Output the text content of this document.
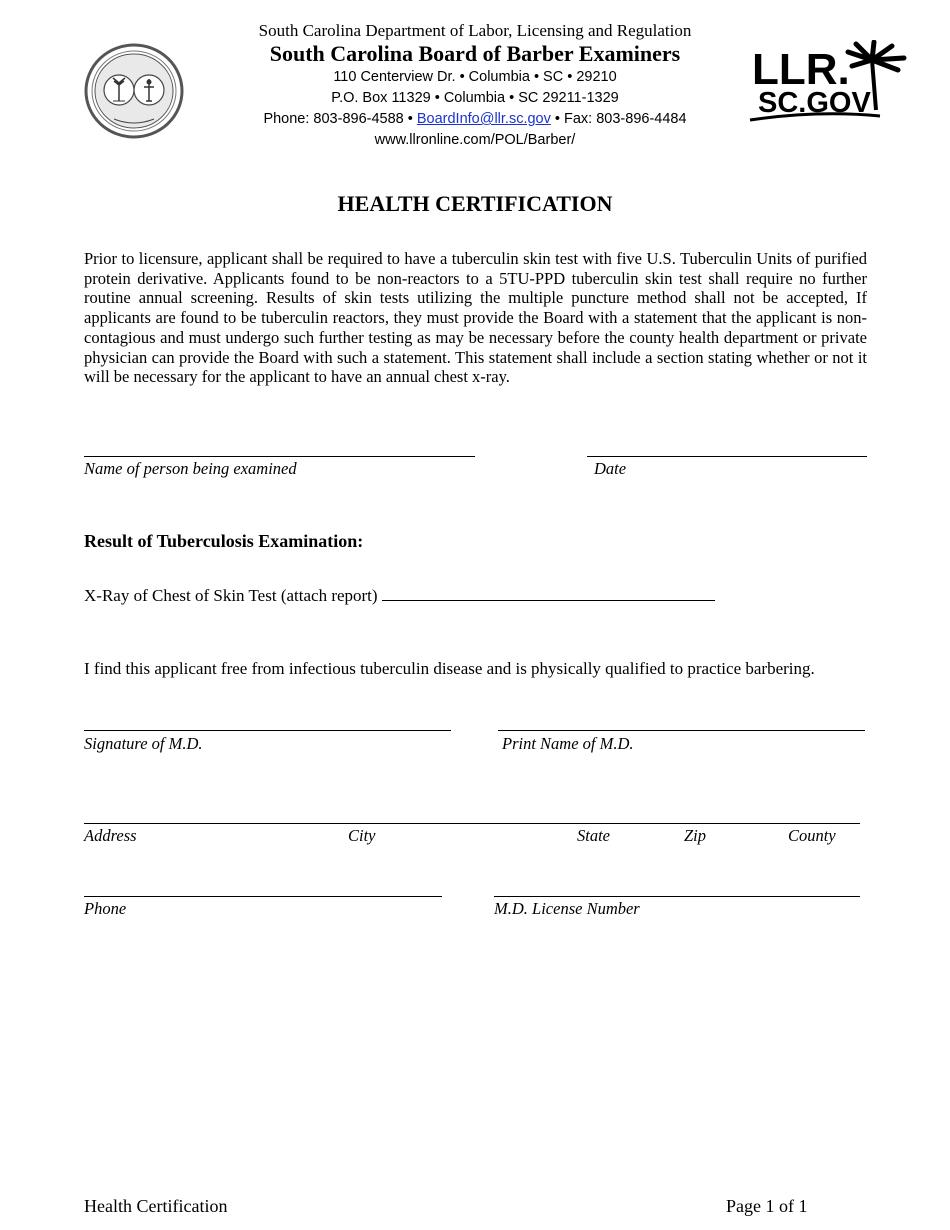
LLR.
SC.GOV
South Carolina Department of Labor, Licensing and Regulation
South Carolina Board of Barber Examiners
110 Centerview Dr. • Columbia • SC • 29210
P.O. Box 11329 • Columbia • SC 29211-1329
Phone: 803-896-4588 • BoardInfo@llr.sc.gov • Fax: 803-896-4484
www.llronline.com/POL/Barber/
HEALTH CERTIFICATION
Prior to licensure, applicant shall be required to have a tuberculin skin test with five U.S. Tuberculin Units of purified protein derivative. Applicants found to be non-reactors to a 5TU-PPD tuberculin skin test shall require no further routine annual screening. Results of skin tests utilizing the multiple puncture method shall not be accepted, If applicants are found to be tuberculin reactors, they must provide the Board with a statement that the applicant is non-contagious and must undergo such further testing as may be necessary before the county health department or private physician can provide the Board with such a statement. This statement shall include a section stating whether or not it will be necessary for the applicant to have an annual chest x-ray.
Name of person being examined	Date
Result of Tuberculosis Examination:
X-Ray of Chest of Skin Test (attach report)
I find this applicant free from infectious tuberculin disease and is physically qualified to practice barbering.
Signature of M.D.	Print Name of M.D.
Address	City	State	Zip	County
Phone	M.D. License Number
Health Certification	Page 1 of 1
